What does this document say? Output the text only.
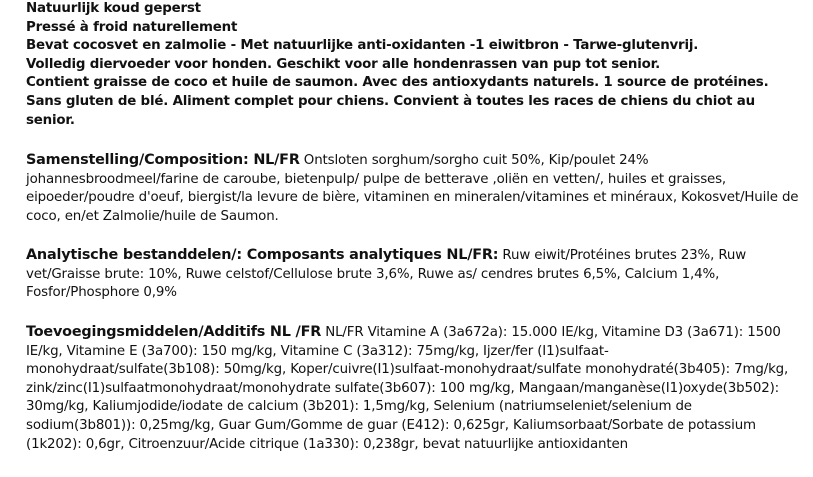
Natuurlijk koud geperst

Pressé à froid naturellement

Bevat cocosvet en zalmolie - Met natuurlijke anti-oxidanten -1 eiwitbron - Tarwe-glutenvrij.

Volledig diervoeder voor honden. Geschikt voor alle hondenrassen van pup tot senior.

Contient graisse de coco et huile de saumon. Avec des antioxydants naturels. 1 source de protéines.

Sans gluten de blé. Aliment complet pour chiens. Convient à toutes les races de chiens du chiot au senior.

Samenstelling/Composition: NL/FR Ontsloten sorghum/sorgho cuit 50%, Kip/poulet 24% johannesbroodmeel/farine de caroube, bietenpulp/ pulpe de betterave ,oliën en vetten/, huiles et graisses, eipoeder/poudre d'oeuf, biergist/la levure de bière, vitaminen en mineralen/vitamines et minéraux, Kokosvet/Huile de coco, en/et Zalmolie/huile de Saumon.

Analytische bestanddelen/: Composants analytiques NL/FR: Ruw eiwit/Protéines brutes 23%, Ruw vet/Graisse brute: 10%, Ruwe celstof/Cellulose brute 3,6%, Ruwe as/ cendres brutes 6,5%, Calcium 1,4%, Fosfor/Phosphore 0,9%

Toevoegingsmiddelen/Additifs NL /FR NL/FR Vitamine A (3a672a): 15.000 IE/kg, Vitamine D3 (3a671): 1500 IE/kg, Vitamine E (3a700): 150 mg/kg, Vitamine C (3a312): 75mg/kg, Ijzer/fer (I1)sulfaat-monohydraat/sulfate(3b108): 50mg/kg, Koper/cuivre(I1)sulfaat-monohydraat/sulfate monohydraté(3b405): 7mg/kg, zink/zinc(I1)sulfaatmonohydraat/monohydrate sulfate(3b607): 100 mg/kg, Mangaan/manganèse(I1)oxyde(3b502): 30mg/kg, Kaliumjodide/iodate de calcium (3b201): 1,5mg/kg, Selenium (natriumseleniet/selenium de sodium(3b801)): 0,25mg/kg, Guar Gum/Gomme de guar (E412): 0,625gr, Kaliumsorbaat/Sorbate de potassium (1k202): 0,6gr, Citroenzuur/Acide citrique (1a330): 0,238gr, bevat natuurlijke antioxidanten
